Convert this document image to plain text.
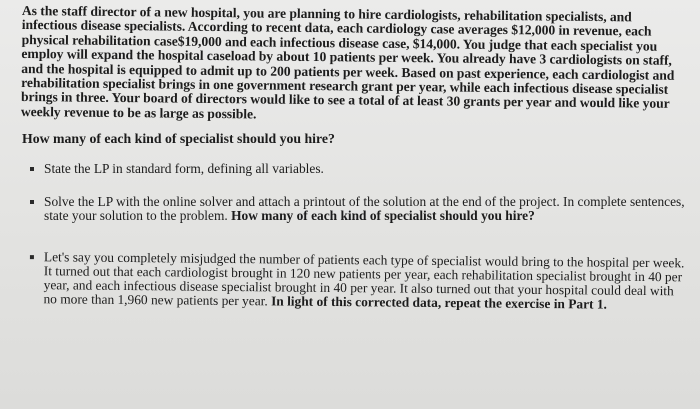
As the staff director of a new hospital, you are planning to hire cardiologists, rehabilitation specialists, and infectious disease specialists. According to recent data, each cardiology case averages $12,000 in revenue, each physical rehabilitation case$19,000 and each infectious disease case, $14,000. You judge that each specialist you employ will expand the hospital caseload by about 10 patients per week. You already have 3 cardiologists on staff, and the hospital is equipped to admit up to 200 patients per week. Based on past experience, each cardiologist and rehabilitation specialist brings in one government research grant per year, while each infectious disease specialist brings in three. Your board of directors would like to see a total of at least 30 grants per year and would like your weekly revenue to be as large as possible.

How many of each kind of specialist should you hire?

State the LP in standard form, defining all variables.
Solve the LP with the online solver and attach a printout of the solution at the end of the project. In complete sentences, state your solution to the problem. How many of each kind of specialist should you hire?
Let's say you completely misjudged the number of patients each type of specialist would bring to the hospital per week. It turned out that each cardiologist brought in 120 new patients per year, each rehabilitation specialist brought in 40 per year, and each infectious disease specialist brought in 40 per year. It also turned out that your hospital could deal with no more than 1,960 new patients per year. In light of this corrected data, repeat the exercise in Part 1.
